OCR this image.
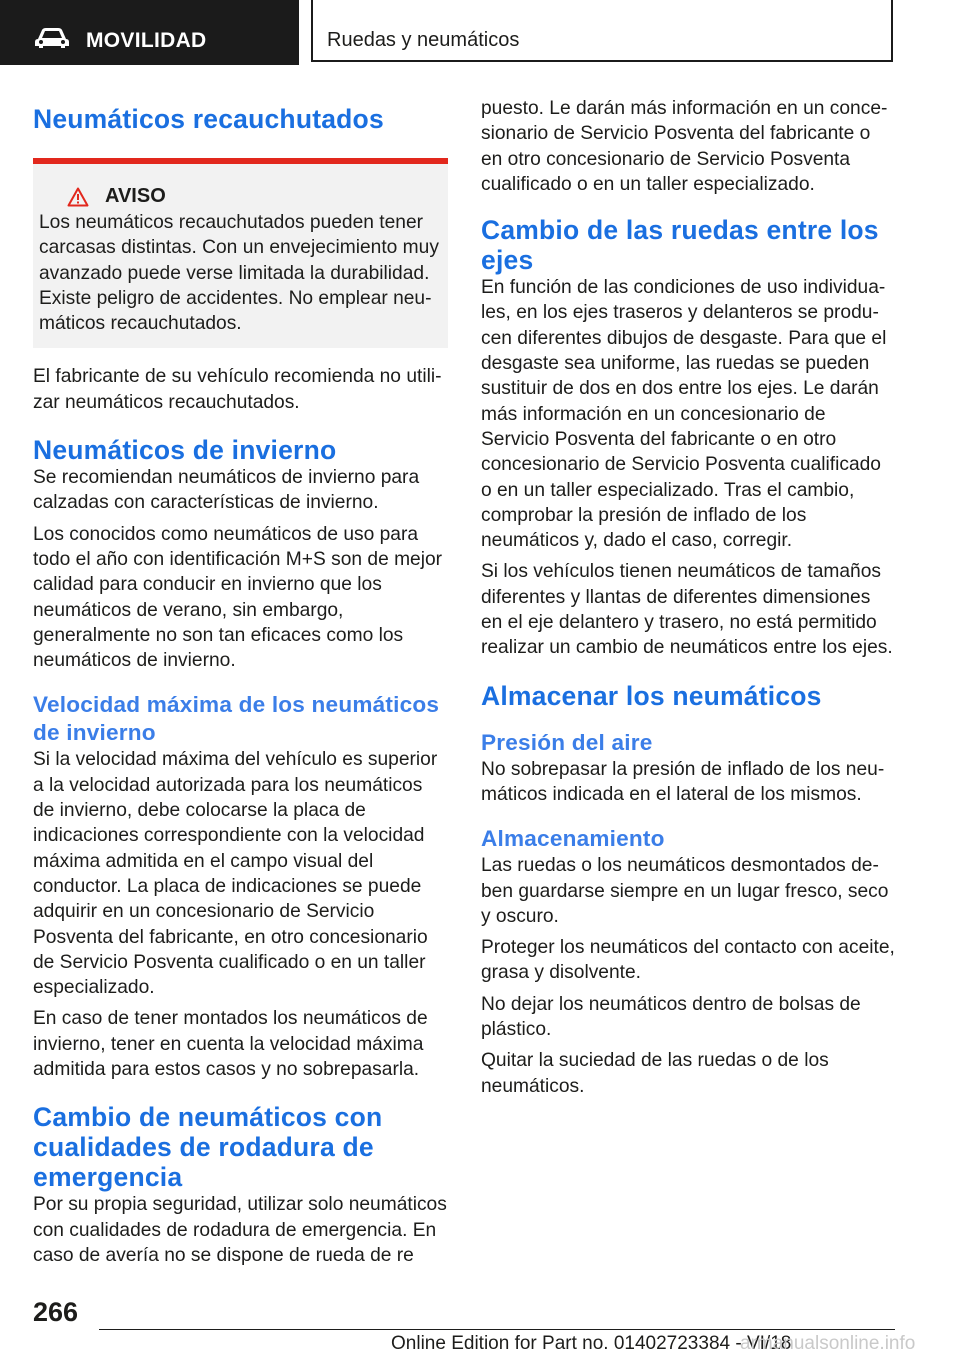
MOVILIDAD	Ruedas y neumáticos
Neumáticos recauchutados
AVISO

Los neumáticos recauchutados pueden tener carcasas distintas. Con un envejecimiento muy avanzado puede verse limitada la durabilidad. Existe peligro de accidentes. No emplear neumáticos recauchutados.

El fabricante de su vehículo recomienda no utilizar neumáticos recauchutados.

Neumáticos de invierno

Se recomiendan neumáticos de invierno para calzadas con características de invierno.

Los conocidos como neumáticos de uso para todo el año con identificación M+S son de mejor calidad para conducir en invierno que los neumáticos de verano, sin embargo, generalmente no son tan eficaces como los neumáticos de invierno.

Velocidad máxima de los neumáticos de invierno

Si la velocidad máxima del vehículo es superior a la velocidad autorizada para los neumáticos de invierno, debe colocarse la placa de indicaciones correspondiente con la velocidad máxima admitida en el campo visual del conductor. La placa de indicaciones se puede adquirir en un concesionario de Servicio Posventa del fabricante, en otro concesionario de Servicio Posventa cualificado o en un taller especializado.

En caso de tener montados los neumáticos de invierno, tener en cuenta la velocidad máxima admitida para estos casos y no sobrepasarla.

Cambio de neumáticos con cualidades de rodadura de emergencia

Por su propia seguridad, utilizar solo neumáticos con cualidades de rodadura de emergencia. En caso de avería no se dispone de rueda de re

puesto. Le darán más información en un concesionario de Servicio Posventa del fabricante o en otro concesionario de Servicio Posventa cualificado o en un taller especializado.

Cambio de las ruedas entre los ejes

En función de las condiciones de uso individuales, en los ejes traseros y delanteros se producen diferentes dibujos de desgaste. Para que el desgaste sea uniforme, las ruedas se pueden sustituir de dos en dos entre los ejes. Le darán más información en un concesionario de Servicio Posventa del fabricante o en otro concesionario de Servicio Posventa cualificado o en un taller especializado. Tras el cambio, comprobar la presión de inflado de los neumáticos y, dado el caso, corregir.

Si los vehículos tienen neumáticos de tamaños diferentes y llantas de diferentes dimensiones en el eje delantero y trasero, no está permitido realizar un cambio de neumáticos entre los ejes.

Almacenar los neumáticos
Presión del aire

No sobrepasar la presión de inflado de los neumáticos indicada en el lateral de los mismos.

Almacenamiento

Las ruedas o los neumáticos desmontados deben guardarse siempre en un lugar fresco, seco y oscuro.

Proteger los neumáticos del contacto con aceite, grasa y disolvente.

No dejar los neumáticos dentro de bolsas de plástico.

Quitar la suciedad de las ruedas o de los neumáticos.

266
Online Edition for Part no. 01402723384 - VI/18
armanualsonline.info
